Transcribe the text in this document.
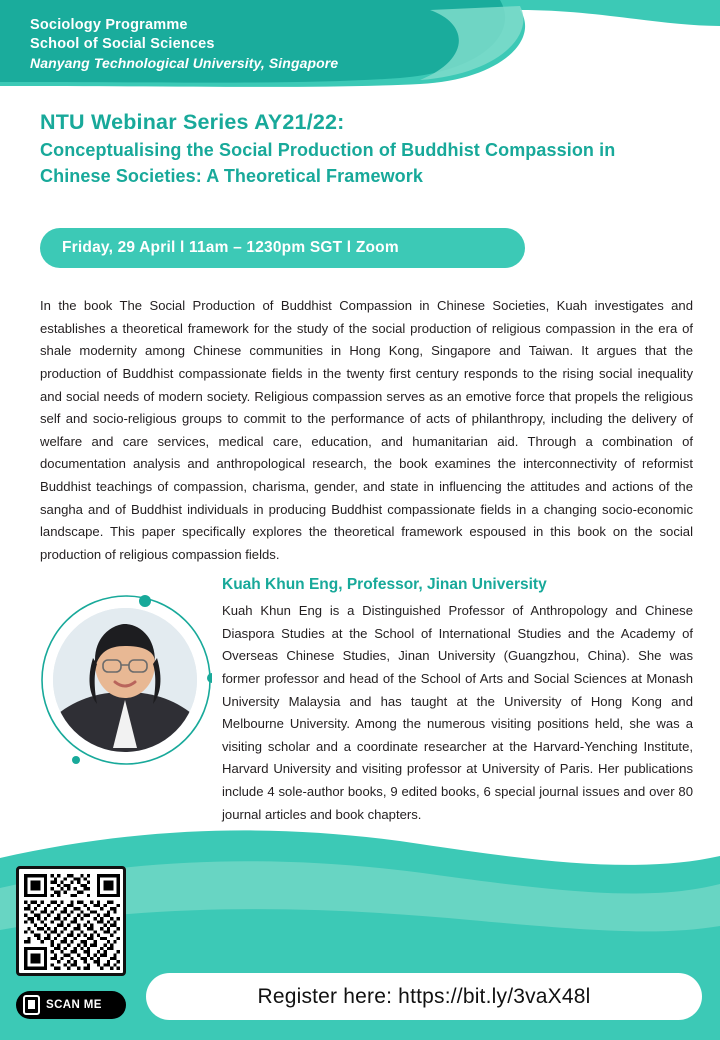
Sociology Programme
School of Social Sciences
Nanyang Technological University, Singapore
NTU Webinar Series AY21/22:
Conceptualising the Social Production of Buddhist Compassion in Chinese Societies: A Theoretical Framework
Friday, 29 April l 11am – 1230pm SGT l Zoom
In the book The Social Production of Buddhist Compassion in Chinese Societies, Kuah investigates and establishes a theoretical framework for the study of the social production of religious compassion in the era of shale modernity among Chinese communities in Hong Kong, Singapore and Taiwan. It argues that the production of Buddhist compassionate fields in the twenty first century responds to the rising social inequality and social needs of modern society. Religious compassion serves as an emotive force that propels the religious self and socio-religious groups to commit to the performance of acts of philanthropy, including the delivery of welfare and care services, medical care, education, and humanitarian aid. Through a combination of documentation analysis and anthropological research, the book examines the interconnectivity of reformist Buddhist teachings of compassion, charisma, gender, and state in influencing the attitudes and actions of the sangha and of Buddhist individuals in producing Buddhist compassionate fields in a changing socio-economic landscape. This paper specifically explores the theoretical framework espoused in this book on the social production of religious compassion fields.
Kuah Khun Eng, Professor, Jinan University
Kuah Khun Eng is a Distinguished Professor of Anthropology and Chinese Diaspora Studies at the School of International Studies and the Academy of Overseas Chinese Studies, Jinan University (Guangzhou, China). She was former professor and head of the School of Arts and Social Sciences at Monash University Malaysia and has taught at the University of Hong Kong and Melbourne University. Among the numerous visiting positions held, she was a visiting scholar and a coordinate researcher at the Harvard-Yenching Institute, Harvard University and visiting professor at University of Paris. Her publications include 4 sole-author books, 9 edited books, 6 special journal issues and over 80 journal articles and book chapters.
SCAN ME	Register here: https://bit.ly/3vaX48l
